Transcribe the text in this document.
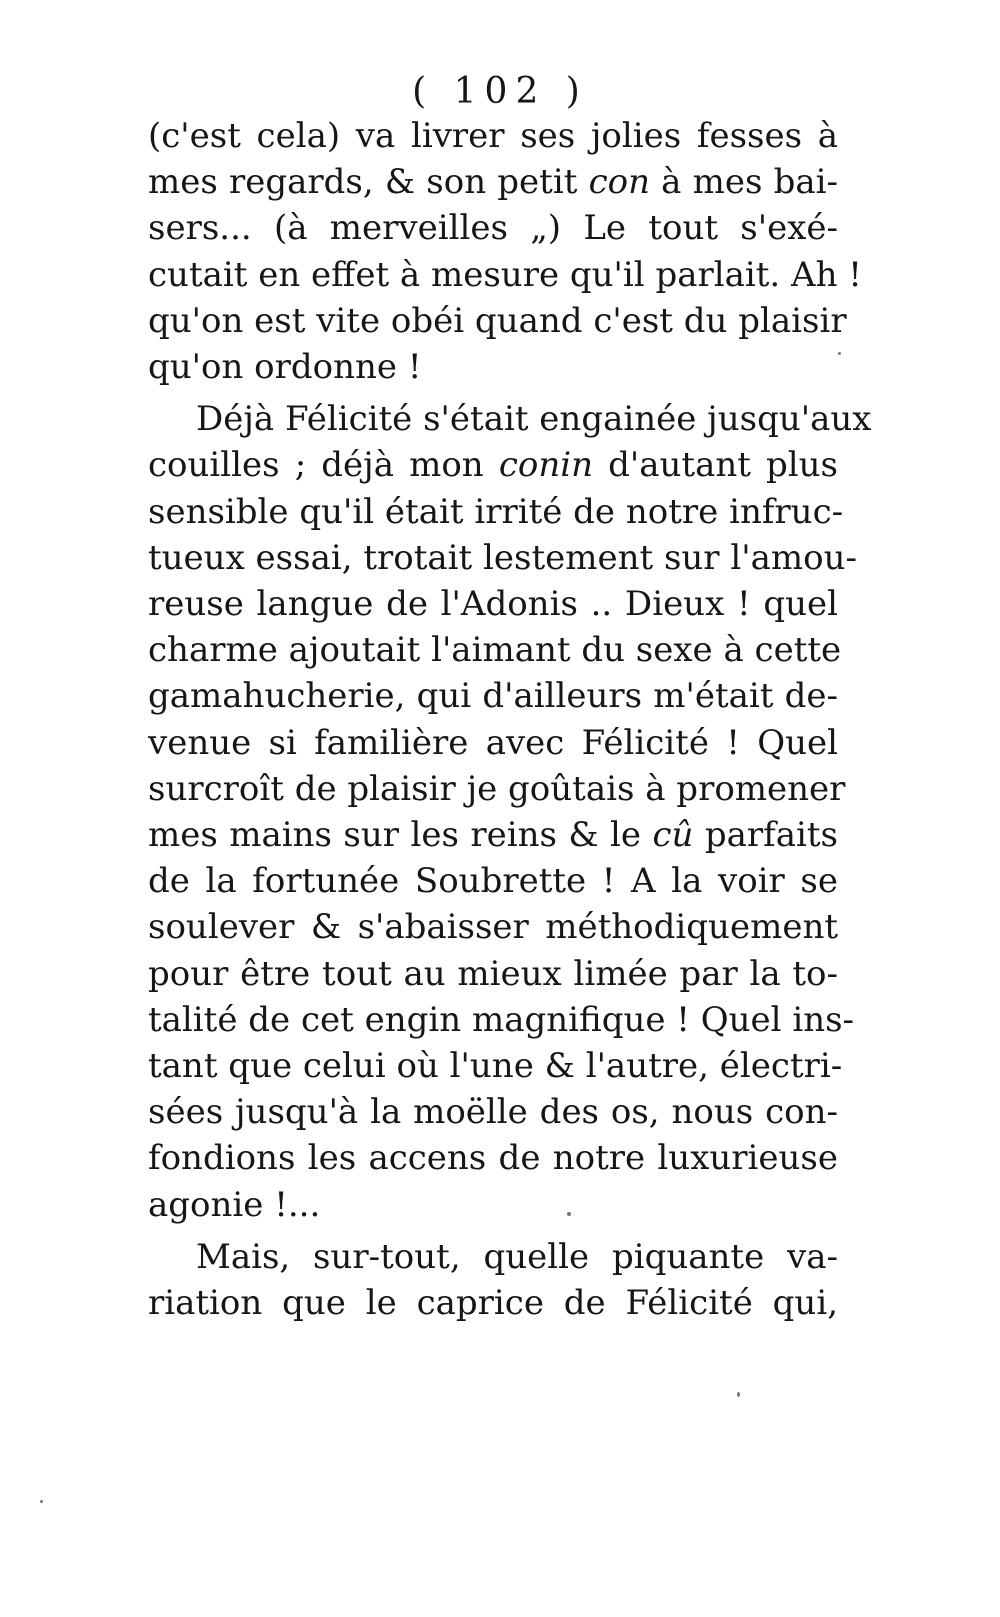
( 102 )
(c'est cela) va livrer ses jolies fesses à
mes regards, & son petit con à mes bai-
sers... (à merveilles „) Le tout s'exé-
cutait en effet à mesure qu'il parlait. Ah !
qu'on est vite obéi quand c'est du plaisir
qu'on ordonne !
Déjà Félicité s'était engainée jusqu'aux
couilles ; déjà mon conin d'autant plus
sensible qu'il était irrité de notre infruc-
tueux essai, trotait lestement sur l'amou-
reuse langue de l'Adonis .. Dieux ! quel
charme ajoutait l'aimant du sexe à cette
gamahucherie, qui d'ailleurs m'était de-
venue si familière avec Félicité ! Quel
surcroît de plaisir je goûtais à promener
mes mains sur les reins & le cû parfaits
de la fortunée Soubrette ! A la voir se
soulever & s'abaisser méthodiquement
pour être tout au mieux limée par la to-
talité de cet engin magnifique ! Quel ins-
tant que celui où l'une & l'autre, électri-
sées jusqu'à la moëlle des os, nous con-
fondions les accens de notre luxurieuse
agonie !...
Mais, sur-tout, quelle piquante va-
riation que le caprice de Félicité qui,
